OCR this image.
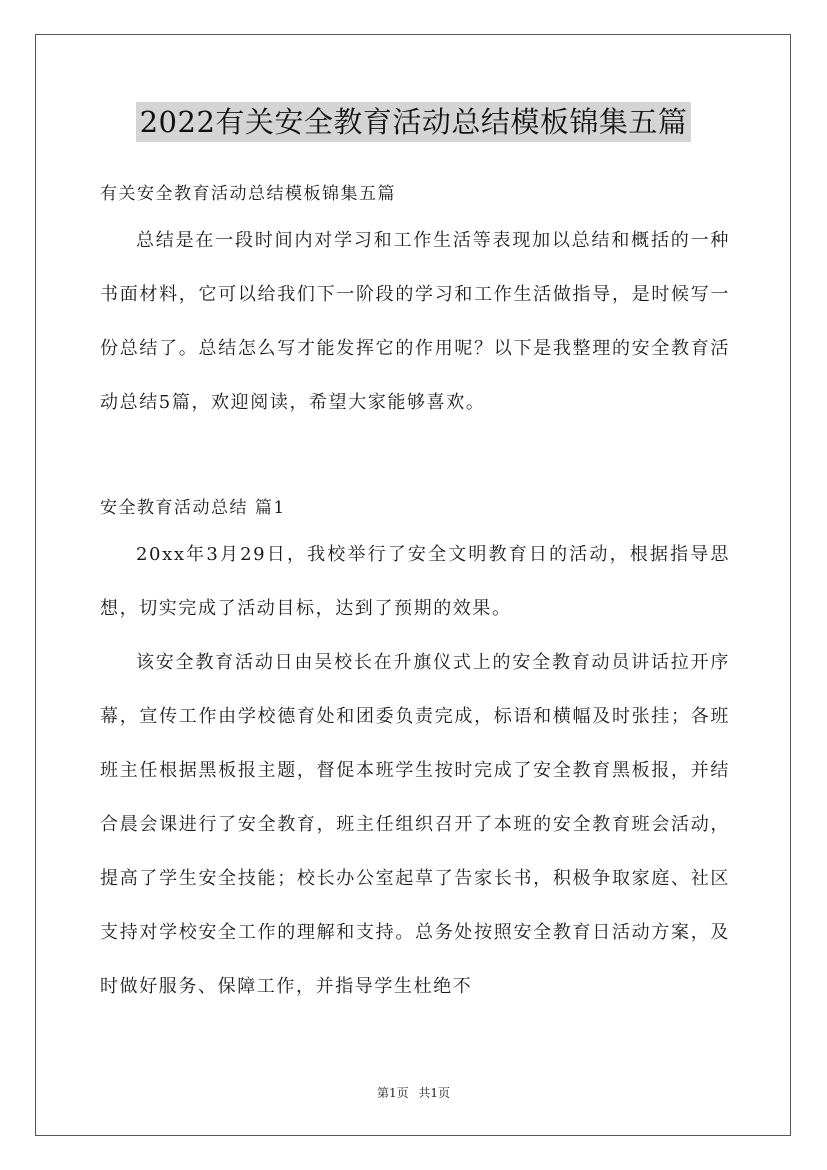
2022有关安全教育活动总结模板锦集五篇

有关安全教育活动总结模板锦集五篇

总结是在一段时间内对学习和工作生活等表现加以总结和概括的一种书面材料，它可以给我们下一阶段的学习和工作生活做指导，是时候写一份总结了。总结怎么写才能发挥它的作用呢？以下是我整理的安全教育活动总结5篇，欢迎阅读，希望大家能够喜欢。

安全教育活动总结 篇1

20xx年3月29日，我校举行了安全文明教育日的活动，根据指导思想，切实完成了活动目标，达到了预期的效果。

该安全教育活动日由吴校长在升旗仪式上的安全教育动员讲话拉开序幕，宣传工作由学校德育处和团委负责完成，标语和横幅及时张挂；各班班主任根据黑板报主题，督促本班学生按时完成了安全教育黑板报，并结合晨会课进行了安全教育，班主任组织召开了本班的安全教育班会活动，提高了学生安全技能；校长办公室起草了告家长书，积极争取家庭、社区支持对学校安全工作的理解和支持。总务处按照安全教育日活动方案，及时做好服务、保障工作，并指导学生杜绝不

第1页 共1页
